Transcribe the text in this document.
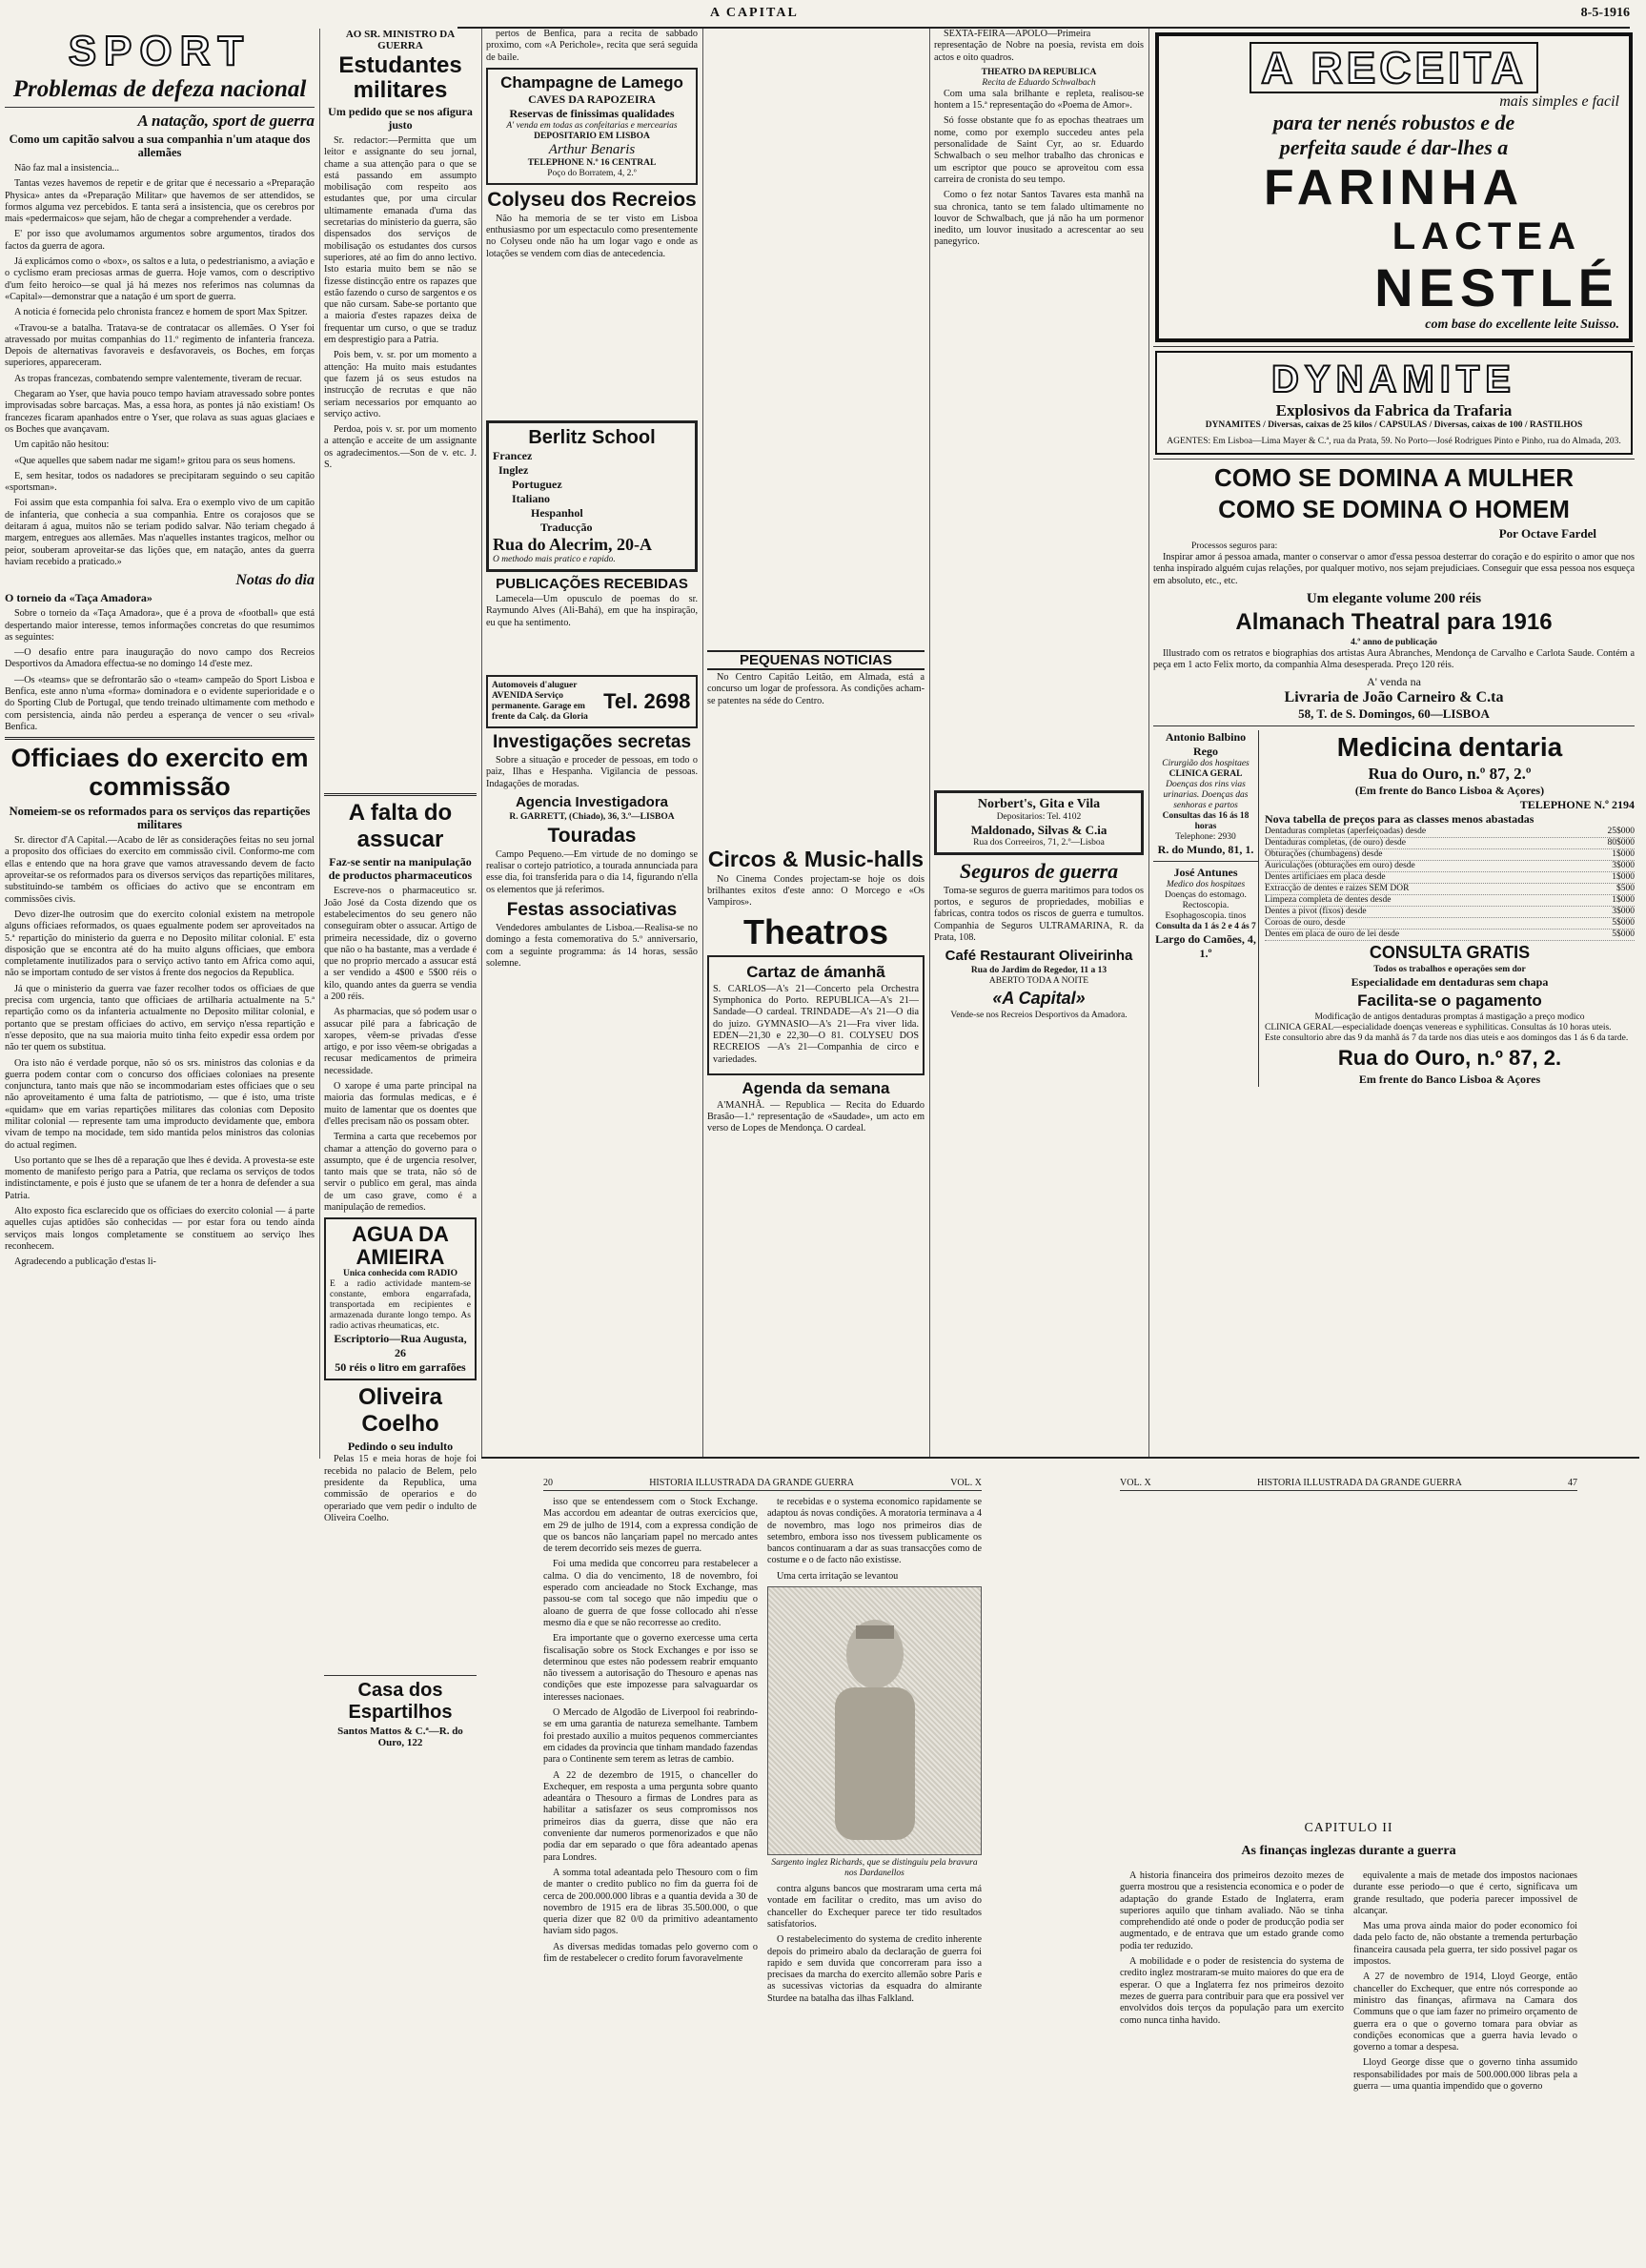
A CAPITAL	8-5-1916
SPORT
Problemas de defeza nacional
A natação, sport de guerra
Como um capitão salvou a sua companhia n'um ataque dos allemães

Não faz mal a insistencia...

Tantas vezes havemos de repetir e de gritar que é necessario a «Preparação Physica» antes da «Preparação Militar» que havemos de ser attendidos, se formos alguma vez percebidos. E tanta será a insistencia, que os cerebros por mais «pedermaicos» que sejam, hão de chegar a comprehender a verdade.

E' por isso que avolumamos argumentos sobre argumentos, tirados dos factos da guerra de agora.

Já explicámos como o «box», os saltos e a luta, o pedestrianismo, a aviação e o cyclismo eram preciosas armas de guerra. Hoje vamos, com o descriptivo d'um feito heroico—se qual já há mezes nos referimos nas columnas da «Capital»—demonstrar que a natação é um sport de guerra.

A noticia é fornecida pelo chronista francez e homem de sport Max Spitzer.

«Travou-se a batalha. Tratava-se de contratacar os allemães. O Yser foi atravessado por muitas companhias do 11.º regimento de infanteria franceza. Depois de alternativas favoraveis e desfavoraveis, os Boches, em forças superiores, appareceram.

As tropas francezas, combatendo sempre valentemente, tiveram de recuar.

Chegaram ao Yser, que havia pouco tempo haviam atravessado sobre pontes improvisadas sobre barcaças. Mas, a essa hora, as pontes já não existiam! Os francezes ficaram apanhados entre o Yser, que rolava as suas aguas glaciaes e os Boches que avançavam.

Um capitão não hesitou:

«Que aquelles que sabem nadar me sigam!» gritou para os seus homens.

E, sem hesitar, todos os nadadores se precipitaram seguindo o seu capitão «sportsman».

Foi assim que esta companhia foi salva. Era o exemplo vivo de um capitão de infanteria, que conhecia a sua companhia. Entre os corajosos que se deitaram á agua, muitos não se teriam podido salvar. Não teriam chegado á margem, entregues aos allemães. Mas n'aquelles instantes tragicos, melhor ou peior, souberam aproveitar-se das lições que, em natação, antes da guerra haviam recebido a praticado.»

Notas do dia
O torneio da «Taça Amadora»

Sobre o torneio da «Taça Amadora», que é a prova de «football» que está despertando maior interesse, temos informações concretas do que resumimos as seguintes:

—O desafio entre para inauguração do novo campo dos Recreios Desportivos da Amadora effectua-se no domingo 14 d'este mez.

—Os «teams» que se defrontarão são o «team» campeão do Sport Lisboa e Benfica, este anno n'uma «forma» dominadora e o evidente superioridade e o do Sporting Club de Portugal, que tendo treinado ultimamente com methodo e com persistencia, ainda não perdeu a esperança de vencer o seu «rival» Benfica.

Officiaes do exercito em commissão
Nomeiem-se os reformados para os serviços das repartições militares

Sr. director d'A Capital.—Acabo de lêr as considerações feitas no seu jornal a proposito dos officiaes do exercito em commissão civil. Conformo-me com ellas e entendo que na hora grave que vamos atravessando devem de facto aproveitar-se os reformados para os diversos serviços das repartições militares, substituindo-se também os officiaes do activo que se encontram em commissões civis.

Devo dizer-lhe outrosim que do exercito colonial existem na metropole alguns officiaes reformados, os quaes egualmente podem ser aproveitados na 5.ª repartição do ministerio da guerra e no Deposito militar colonial. E' esta disposição que se encontra até do ha muito alguns officiaes, que embora completamente inutilizados para o serviço activo tanto em Africa como aqui, não se importam contudo de ser vistos á frente dos negocios da Republica.

Já que o ministerio da guerra vae fazer recolher todos os officiaes de que precisa com urgencia, tanto que officiaes de artilharia actualmente na 5.ª repartição como os da infanteria actualmente no Deposito militar colonial, e portanto que se prestam officiaes do activo, em serviço n'essa repartição e n'esse deposito, que na sua maioria muito tinha feito expedir essa ordem por não ter quem os substitua.

Ora isto não é verdade porque, não só os srs. ministros das colonias e da guerra podem contar com o concurso dos officiaes coloniaes na presente conjunctura, tanto mais que não se incommodariam estes officiaes que o seu não aproveitamento é uma falta de patriotismo, — que é isto, uma triste «quidam» que em varias repartições militares das colonias com Deposito militar colonial — represente tam uma improducto devidamente que, embora vivam de tempo na mocidade, tem sido mantida pelos ministros das colonias do actual regimen.

Uso portanto que se lhes dê a reparação que lhes é devida. A provesta-se este momento de manifesto perigo para a Patria, que reclama os serviços de todos indistinctamente, e pois é justo que se ufanem de ter a honra de defender a sua Patria.

Alto exposto fica esclarecido que os officiaes do exercito colonial — á parte aquelles cujas aptidões são conhecidas — por estar fora ou tendo ainda serviços mais longos completamente se constituem ao serviço lhes reconhecem.

Agradecendo a publicação d'estas li-

AO SR. MINISTRO DA GUERRA
Estudantes militares
Um pedido que se nos afigura justo

Sr. redactor:—Permitta que um leitor e assignante do seu jornal, chame a sua attenção para o que se está passando em assumpto mobilisação com respeito aos estudantes que, por uma circular ultimamente emanada d'uma das secretarias do ministerio da guerra, são dispensados dos serviços de mobilisação os estudantes dos cursos superiores, até ao fim do anno lectivo. Isto estaria muito bem se não se fizesse distincção entre os rapazes que estão fazendo o curso de sargentos e os que não cursam. Sabe-se portanto que a maioria d'estes rapazes deixa de frequentar um curso, o que se traduz em desprestigio para a Patria.

Pois bem, v. sr. por um momento a attenção: Ha muito mais estudantes que fazem já os seus estudos na instrucção de recrutas e que não seriam necessarios por emquanto ao serviço activo.

Perdoa, pois v. sr. por um momento a attenção e acceite de um assignante os agradecimentos.—Son de v. etc. J. S.

A falta do assucar
Faz-se sentir na manipulação de productos pharmaceuticos

Escreve-nos o pharmaceutico sr. João José da Costa dizendo que os estabelecimentos do seu genero não conseguiram obter o assucar. Artigo de primeira necessidade, diz o governo que não o ha bastante, mas a verdade é que no proprio mercado a assucar está a ser vendido a 4$00 e 5$00 réis o kilo, quando antes da guerra se vendia a 200 réis.

As pharmacias, que só podem usar o assucar pilé para a fabricação de xaropes, vêem-se privadas d'esse artigo, e por isso vêem-se obrigadas a recusar medicamentos de primeira necessidade.

O xarope é uma parte principal na maioria das formulas medicas, e é muito de lamentar que os doentes que d'elles precisam não os possam obter.

Termina a carta que recebemos por chamar a attenção do governo para o assumpto, que é de urgencia resolver, tanto mais que se trata, não só de servir o publico em geral, mas ainda de um caso grave, como é a manipulação de remedios.

AGUA DA AMIEIRA
Unica conhecida com RADIO
E a radio actividade mantem-se constante, embora engarrafada, transportada em recipientes e armazenada durante longo tempo. As radio activas rheumaticas, etc.
Escriptorio—Rua Augusta, 26
50 réis o litro em garrafões
Oliveira Coelho
Pedindo o seu indulto

Pelas 15 e meia horas de hoje foi recebida no palacio de Belem, pelo presidente da Republica, uma commissão de operarios e do operariado que vem pedir o indulto de Oliveira Coelho.

Casa dos Espartilhos
Santos Mattos & C.ª—R. do Ouro, 122

pertos de Benfica, para a recita de sabbado proximo, com «A Perichole», recita que será seguida de baile.

Champagne de Lamego
CAVES DA RAPOZEIRA
Reservas de finissimas qualidades
A' venda em todas as confeitarias e mercearias
DEPOSITARIO EM LISBOA
Arthur Benaris
TELEPHONE N.º 16 CENTRAL
Poço do Borratem, 4, 2.º
Colyseu dos Recreios

Não ha memoria de se ter visto em Lisboa enthusiasmo por um espectaculo como presentemente no Colyseu onde não ha um logar vago e onde as lotações se vendem com dias de antecedencia.

Berlitz School
Francez
Inglez
Portuguez
Italiano
Hespanhol
Traducção
Rua do Alecrim, 20-A
O methodo mais pratico e rapido.
PUBLICAÇÕES RECEBIDAS

Lamecela—Um opusculo de poemas do sr. Raymundo Alves (Ali-Bahá), em que ha inspiração, eu que ha sentimento.

Automoveis d'aluguer AVENIDA Serviço permanente. Garage em frente da Calç. da Gloria
Tel. 2698
Investigações secretas

Sobre a situação e proceder de pessoas, em todo o paiz, Ilhas e Hespanha. Vigilancia de pessoas. Indagações de moradas.

Agencia Investigadora
R. GARRETT, (Chiado), 36, 3.º—LISBOA
Touradas

Campo Pequeno.—Em virtude de no domingo se realisar o cortejo patriotico, a tourada annunciada para esse dia, foi transferida para o dia 14, figurando n'ella os elementos que já referimos.

Festas associativas

Vendedores ambulantes de Lisboa.—Realisa-se no domingo a festa comemorativa do 5.º anniversario, com a seguinte programma: ás 14 horas, sessão solemne.

PEQUENAS NOTICIAS

No Centro Capitão Leitão, em Almada, está a concurso um logar de professora. As condições acham-se patentes na séde do Centro.

Circos & Music-halls

No Cinema Condes projectam-se hoje os dois brilhantes exitos d'este anno: O Morcego e «Os Vampiros».

Theatros
Cartaz de ámanhã

S. CARLOS—A's 21—Concerto pela Orchestra Symphonica do Porto. REPUBLICA—A's 21—Sandade—O cardeal. TRINDADE—A's 21—O dia do juizo. GYMNASIO—A's 21—Fra viver lida. EDEN—21,30 e 22,30—O 81. COLYSEU DOS RECREIOS —A's 21—Companhia de circo e variedades.

Agenda da semana

A'MANHÃ. — Republica — Recita do Eduardo Brasão—1.ª representação de «Saudade», um acto em verso de Lopes de Mendonça. O cardeal.

SEXTA-FEIRA—APOLO—Primeira representação de Nobre na poesia, revista em dois actos e oito quadros.

THEATRO DA REPUBLICA
Recita de Eduardo Schwalbach

Com uma sala brilhante e repleta, realisou-se hontem a 15.ª representação do «Poema de Amor».

Só fosse obstante que fo as epochas theatraes um nome, como por exemplo succedeu antes pela personalidade de Saint Cyr, ao sr. Eduardo Schwalbach o seu melhor trabalho das chronicas e um escriptor que pouco se aproveitou com essa carreira de cronista do seu tempo.

Como o fez notar Santos Tavares esta manhã na sua chronica, tanto se tem falado ultimamente no louvor de Schwalbach, que já não ha um pormenor inedito, um louvor inusitado a acrescentar ao seu panegyrico.

Norbert's, Gita e Vila
Depositarios: Tel. 4102
Maldonado, Silvas & C.ia
Rua dos Correeiros, 71, 2.º—Lisboa
Seguros de guerra

Toma-se seguros de guerra maritimos para todos os portos, e seguros de propriedades, mobilias e fabricas, contra todos os riscos de guerra e tumultos. Companhia de Seguros ULTRAMARINA, R. da Prata, 108.

Café Restaurant Oliveirinha
Rua do Jardim do Regedor, 11 a 13
ABERTO TODA A NOITE
«A Capital»
Vende-se nos Recreios Desportivos da Amadora.
A RECEITA
mais simples e facil
para ter nenés robustos e de
perfeita saude é dar-lhes a
FARINHA
LACTEA
NESTLÉ
com base do excellente leite Suisso.
DYNAMITE
Explosivos da Fabrica da Trafaria
DYNAMITES / Diversas, caixas de 25 kilos / CAPSULAS / Diversas, caixas de 100 / RASTILHOS
AGENTES: Em Lisboa—Lima Mayer & C.ª, rua da Prata, 59. No Porto—José Rodrigues Pinto e Pinho, rua do Almada, 203.
COMO SE DOMINA A MULHER
COMO SE DOMINA O HOMEM
Por Octave Fardel
Processos seguros para:

Inspirar amor á pessoa amada, manter o conservar o amor d'essa pessoa desterrar do coração e do espirito o amor que nos tenha inspirado alguém cujas relações, por qualquer motivo, nos sejam prejudiciaes. Conseguir que essa pessoa nos esqueça em absoluto, etc., etc.

Um elegante volume 200 réis
Almanach Theatral para 1916
4.º anno de publicação

Illustrado com os retratos e biographias dos artistas Aura Abranches, Mendonça de Carvalho e Carlota Saude. Contém a peça em 1 acto Felix morto, da companhia Alma desesperada. Preço 120 réis.

A' venda na
Livraria de João Carneiro & C.ta
58, T. de S. Domingos, 60—LISBOA
Antonio Balbino Rego
Cirurgião dos hospitaes
CLINICA GERAL
Doenças dos rins vias urinarias. Doenças das senhoras e partos
Consultas das 16 ás 18 horas
Telephone: 2930
R. do Mundo, 81, 1.
José Antunes
Medico dos hospitaes
Doenças do estomago. Rectoscopia. Esophagoscopia. tinos
Consulta da 1 ás 2 e 4 ás 7
Largo do Camões, 4, 1.º
Medicina dentaria
Rua do Ouro, n.º 87, 2.º
(Em frente do Banco Lisboa & Açores)
TELEPHONE N.º 2194
Nova tabella de preços para as classes menos abastadas
Dentaduras completas (aperfeiçoadas) desde	25$000
Dentaduras completas, (de ouro) desde	80$000
Obturações (chumbagens) desde	1$000
Auriculações (obturações em ouro) desde	3$000
Dentes artificiaes em placa desde	1$000
Extracção de dentes e raizes SEM DOR	$500
Limpeza completa de dentes desde	1$000
Dentes a pivot (fixos) desde	3$000
Coroas de ouro, desde	5$000
Dentes em placa de ouro de lei desde	5$000
CONSULTA GRATIS
Todos os trabalhos e operações sem dor
Especialidade em dentaduras sem chapa
Facilita-se o pagamento
Modificação de antigos dentaduras promptas á mastigação a preço modico
CLINICA GERAL—especialidade doenças venereas e syphiliticas. Consultas ás 10 horas uteis.
Este consultorio abre das 9 da manhã ás 7 da tarde nos dias uteis e aos domingos das 1 ás 6 da tarde.
Rua do Ouro, n.º 87, 2.
Em frente do Banco Lisboa & Açores
20	HISTORIA ILLUSTRADA DA GRANDE GUERRA	VOL. X

isso que se entendessem com o Stock Exchange. Mas accordou em adeantar de outras exercicios que, em 29 de julho de 1914, com a expressa condição de que os bancos não lançariam papel no mercado antes de terem decorrido seis mezes de guerra.

Foi uma medida que concorreu para restabelecer a calma. O dia do vencimento, 18 de novembro, foi esperado com ancieadade no Stock Exchange, mas passou-se com tal socego que não impediu que o aloano de guerra de que fosse collocado ahi n'esse mesmo dia e que se não recorresse ao credito.

Era importante que o governo exercesse uma certa fiscalisação sobre os Stock Exchanges e por isso se determinou que estes não podessem reabrir emquanto não tivessem a autorisação do Thesouro e apenas nas condições que este impozesse para salvaguardar os interesses nacionaes.

O Mercado de Algodão de Liverpool foi reabrindo-se em uma garantia de natureza semelhante. Tambem foi prestado auxilio a muitos pequenos commerciantes em cidades da provincia que tinham mandado fazendas para o Continente sem terem as letras de cambio.

A 22 de dezembro de 1915, o chanceller do Exchequer, em resposta a uma pergunta sobre quanto adeantára o Thesouro a firmas de Londres para as habilitar a satisfazer os seus compromissos nos primeiros dias da guerra, disse que não era conveniente dar numeros pormenorizados e que não podia dar em separado o que fôra adeantado apenas para Londres.

A somma total adeantada pelo Thesouro com o fim de manter o credito publico no fim da guerra foi de cerca de 200.000.000 libras e a quantia devida a 30 de novembro de 1915 era de libras 35.500.000, o que queria dizer que 82 0/0 da primitivo adeantamento haviam sido pagos.

As diversas medidas tomadas pelo governo com o fim de restabelecer o credito forum favoravelmente

te recebidas e o systema economico rapidamente se adaptou ás novas condições. A moratoria terminava a 4 de novembro, mas logo nos primeiros dias de setembro, embora isso nos tivessem publicamente os bancos continuaram a dar as suas transacções como de costume e o de facto não existisse.

Uma certa irritação se levantou

Sargento inglez Richards, que se distinguiu pela bravura nos Dardanellos

contra alguns bancos que mostraram uma certa má vontade em facilitar o credito, mas um aviso do chanceller do Exchequer parece ter tido resultados satisfatorios.

O restabelecimento do systema de credito inherente depois do primeiro abalo da declaração de guerra foi rapido e sem duvida que concorreram para isso a precisaes da marcha do exercito allemão sobre Paris e as sucessivas victorias da esquadra do almirante Sturdee na batalha das ilhas Falkland.

VOL. X	HISTORIA ILLUSTRADA DA GRANDE GUERRA	47
CAPITULO II
As finanças inglezas durante a guerra

A historia financeira dos primeiros dezoito mezes de guerra mostrou que a resistencia economica e o poder de adaptação do grande Estado de Inglaterra, eram superiores aquilo que tinham avaliado. Não se tinha comprehendido até onde o poder de producção podia ser augmentado, e de entrava que um estado grande como podia ter reduzido.

A mobilidade e o poder de resistencia do systema de credito inglez mostraram-se muito maiores do que era de esperar. O que a Inglaterra fez nos primeiros dezoito mezes de guerra para contribuir para que era possivel ver envolvidos dois terços da população para um exercito como nunca tinha havido.

equivalente a mais de metade dos impostos nacionaes durante esse periodo—o que é certo, significava um grande resultado, que poderia parecer impossivel de alcançar.

Mas uma prova ainda maior do poder economico foi dada pelo facto de, não obstante a tremenda perturbação financeira causada pela guerra, ter sido possivel pagar os impostos.

A 27 de novembro de 1914, Lloyd George, então chanceller do Exchequer, que entre nós corresponde ao ministro das finanças, afirmava na Camara dos Communs que o que iam fazer no primeiro orçamento de guerra era o que o governo tomara para obviar as condições economicas que a guerra havia levado o governo a tomar a despesa.

Lloyd George disse que o governo tinha assumido responsabilidades por mais de 500.000.000 libras pela a guerra — uma quantia impendido que o governo
